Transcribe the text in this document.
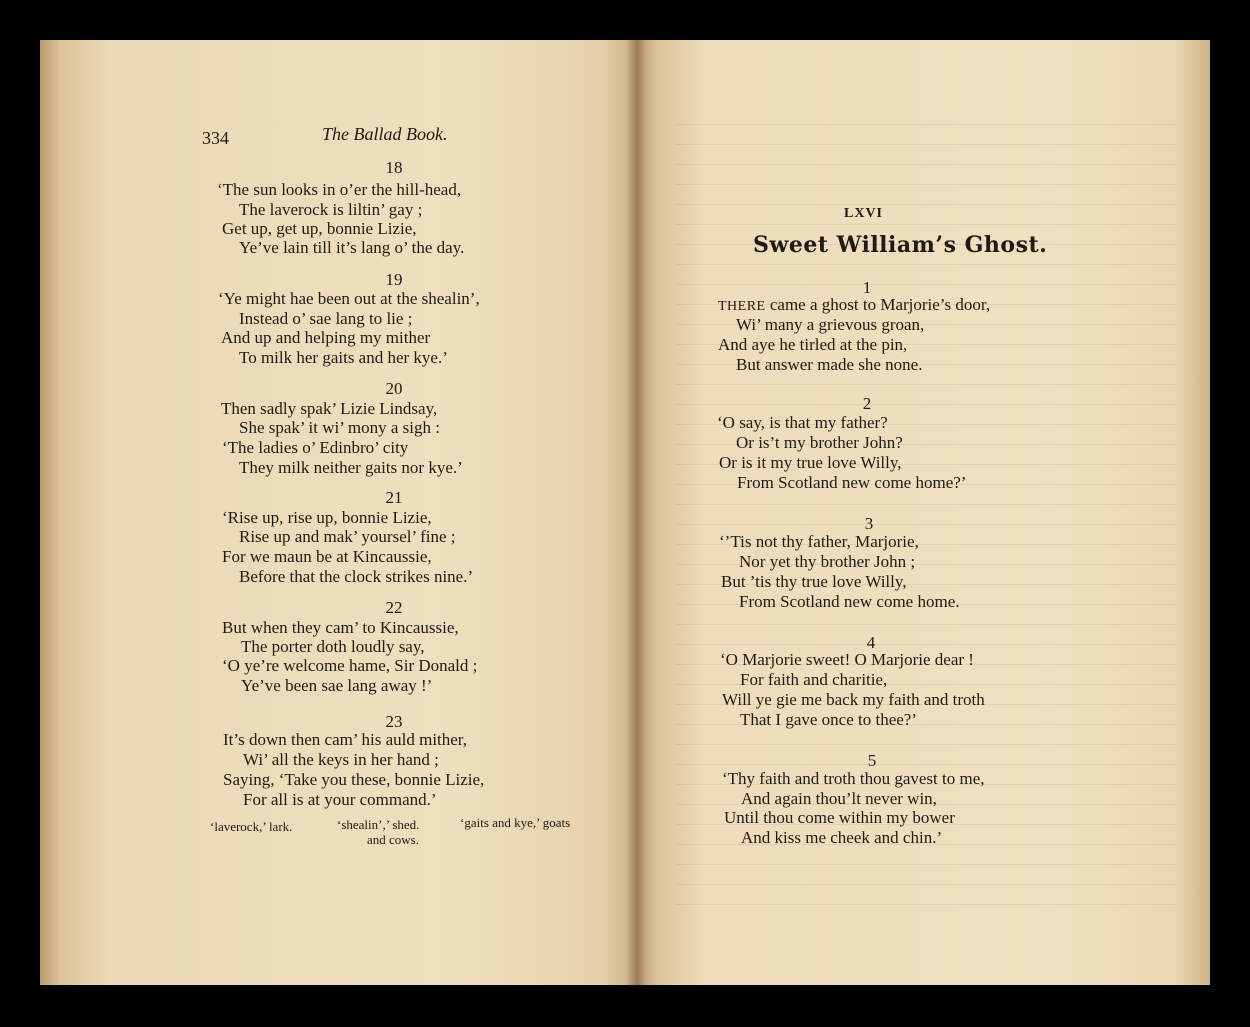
334	The Ballad Book.
18
‘The sun looks in o’er the hill-head,
The laverock is liltin’ gay ;
Get up, get up, bonnie Lizie,
Ye’ve lain till it’s lang o’ the day.
19
‘Ye might hae been out at the shealin’,
Instead o’ sae lang to lie ;
And up and helping my mither
To milk her gaits and her kye.’
20
Then sadly spak’ Lizie Lindsay,
She spak’ it wi’ mony a sigh :
‘The ladies o’ Edinbro’ city
They milk neither gaits nor kye.’
21
‘Rise up, rise up, bonnie Lizie,
Rise up and mak’ yoursel’ fine ;
For we maun be at Kincaussie,
Before that the clock strikes nine.’
22
But when they cam’ to Kincaussie,
The porter doth loudly say,
‘O ye’re welcome hame, Sir Donald ;
Ye’ve been sae lang away !’
23
It’s down then cam’ his auld mither,
Wi’ all the keys in her hand ;
Saying, ‘Take you these, bonnie Lizie,
For all is at your command.’
‘laverock,’ lark.	‘shealin’,’ shed.	‘gaits and kye,’ goats
and cows.
LXVI
Sweet William’s Ghost.
1
THERE came a ghost to Marjorie’s door,
Wi’ many a grievous groan,
And aye he tirled at the pin,
But answer made she none.
2
‘O say, is that my father?
Or is’t my brother John?
Or is it my true love Willy,
From Scotland new come home?’
3
‘’Tis not thy father, Marjorie,
Nor yet thy brother John ;
But ’tis thy true love Willy,
From Scotland new come home.
4
‘O Marjorie sweet! O Marjorie dear !
For faith and charitie,
Will ye gie me back my faith and troth
That I gave once to thee?’
5
‘Thy faith and troth thou gavest to me,
And again thou’lt never win,
Until thou come within my bower
And kiss me cheek and chin.’
